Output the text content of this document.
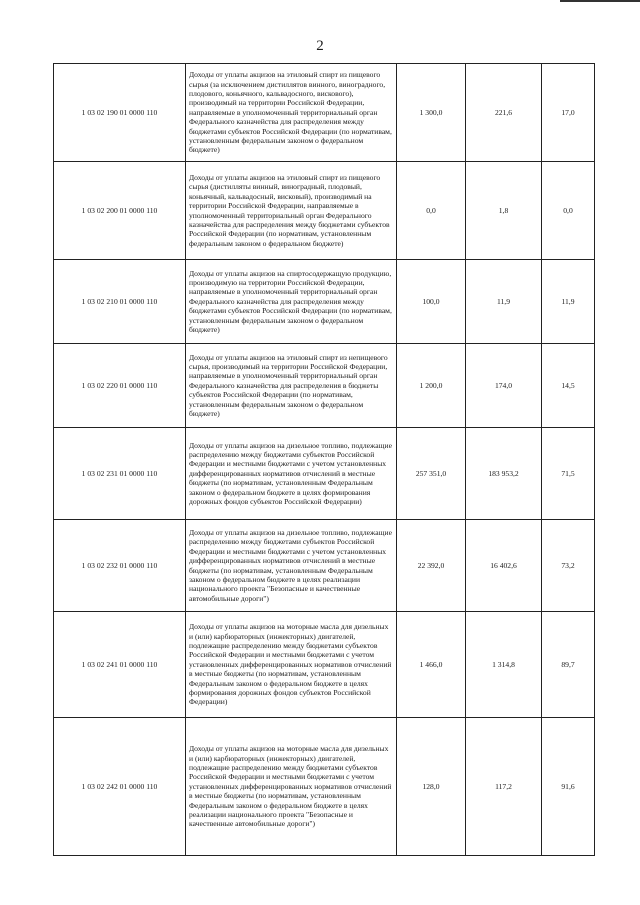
2
1 03 02 190 01 0000 110	Доходы от уплаты акцизов на этиловый спирт из пищевого сырья (за исключением дистиллятов винного, виноградного, плодового, коньячного, кальвадосного, вискового), производимый на территории Российской Федерации, направляемые в уполномоченный территориальный орган Федерального казначейства для распределения между бюджетами субъектов Российской Федерации (по нормативам, установленным федеральным законом о федеральном бюджете)	1 300,0	221,6	17,0
1 03 02 200 01 0000 110	Доходы от уплаты акцизов на этиловый спирт из пищевого сырья (дистилляты винный, виноградный, плодовый, коньячный, кальвадосный, висковый), производимый на территории Российской Федерации, направляемые в уполномоченный территориальный орган Федерального казначейства для распределения между бюджетами субъектов Российской Федерации (по нормативам, установленным федеральным законом о федеральном бюджете)	0,0	1,8	0,0
1 03 02 210 01 0000 110	Доходы от уплаты акцизов на спиртосодержащую продукцию, производимую на территории Российской Федерации, направляемые в уполномоченный территориальный орган Федерального казначейства для распределения между бюджетами субъектов Российской Федерации (по нормативам, установленным федеральным законом о федеральном бюджете)	100,0	11,9	11,9
1 03 02 220 01 0000 110	Доходы от уплаты акцизов на этиловый спирт из непищевого сырья, производимый на территории Российской Федерации, направляемые в уполномоченный территориальный орган Федерального казначейства для распределения в бюджеты субъектов Российской Федерации (по нормативам, установленным федеральным законом о федеральном бюджете)	1 200,0	174,0	14,5
1 03 02 231 01 0000 110	Доходы от уплаты акцизов на дизельное топливо, подлежащие распределению между бюджетами субъектов Российской Федерации и местными бюджетами с учетом установленных дифференцированных нормативов отчислений в местные бюджеты (по нормативам, установленным Федеральным законом о федеральном бюджете в целях формирования дорожных фондов субъектов Российской Федерации)	257 351,0	183 953,2	71,5
1 03 02 232 01 0000 110	Доходы от уплаты акцизов на дизельное топливо, подлежащие распределению между бюджетами субъектов Российской Федерации и местными бюджетами с учетом установленных дифференцированных нормативов отчислений в местные бюджеты (по нормативам, установленным Федеральным законом о федеральном бюджете в целях реализации национального проекта "Безопасные и качественные автомобильные дороги")	22 392,0	16 402,6	73,2
1 03 02 241 01 0000 110	Доходы от уплаты акцизов на моторные масла для дизельных и (или) карбюраторных (инжекторных) двигателей, подлежащие распределению между бюджетами субъектов Российской Федерации и местными бюджетами с учетом установленных дифференцированных нормативов отчислений в местные бюджеты (по нормативам, установленным Федеральным законом о федеральном бюджете в целях формирования дорожных фондов субъектов Российской Федерации)	1 466,0	1 314,8	89,7
1 03 02 242 01 0000 110	Доходы от уплаты акцизов на моторные масла для дизельных и (или) карбюраторных (инжекторных) двигателей, подлежащие распределению между бюджетами субъектов Российской Федерации и местными бюджетами с учетом установленных дифференцированных нормативов отчислений в местные бюджеты (по нормативам, установленным Федеральным законом о федеральном бюджете в целях реализации национального проекта "Безопасные и качественные автомобильные дороги")	128,0	117,2	91,6
